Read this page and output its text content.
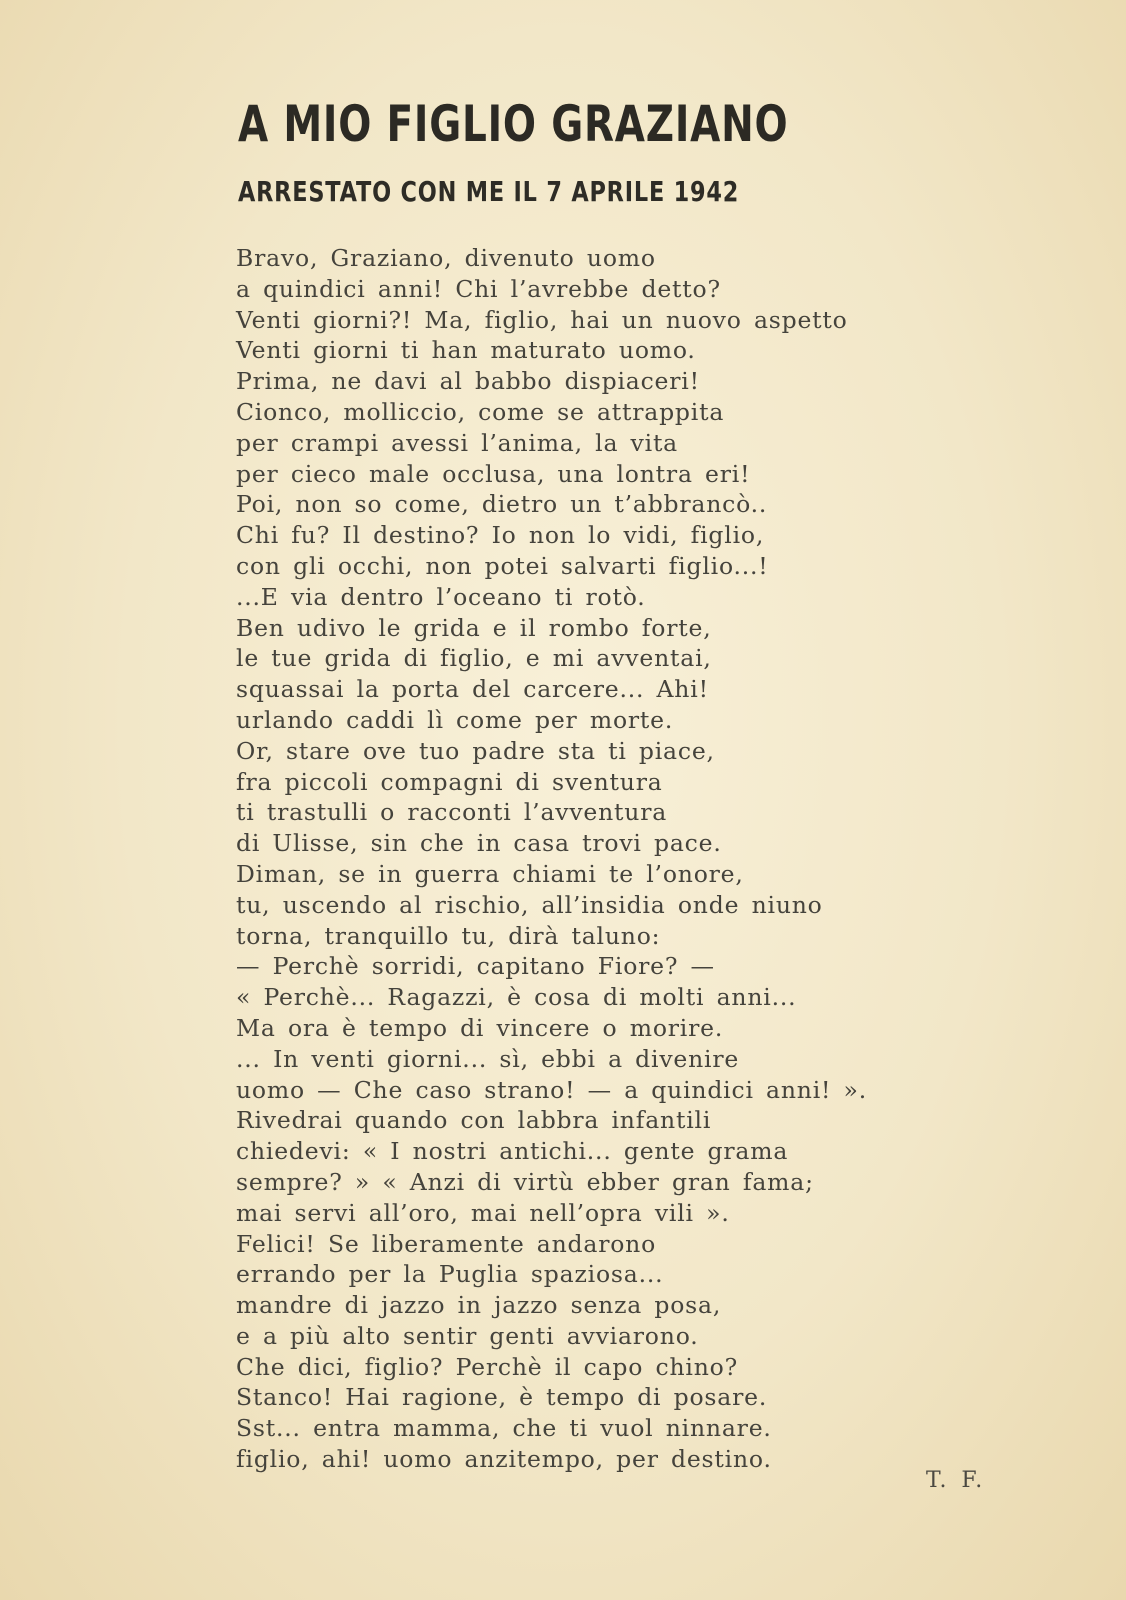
A MIO FIGLIO GRAZIANO
ARRESTATO CON ME IL 7 APRILE 1942
Bravo, Graziano, divenuto uomo
a quindici anni! Chi l’avrebbe detto?
Venti giorni?! Ma, figlio, hai un nuovo aspetto
Venti giorni ti han maturato uomo.
Prima, ne davi al babbo dispiaceri!
Cionco, molliccio, come se attrappita
per crampi avessi l’anima, la vita
per cieco male occlusa, una lontra eri!
Poi, non so come, dietro un t’abbrancò..
Chi fu? Il destino? Io non lo vidi, figlio,
con gli occhi, non potei salvarti figlio...!
...E via dentro l’oceano ti rotò.
Ben udivo le grida e il rombo forte,
le tue grida di figlio, e mi avventai,
squassai la porta del carcere... Ahi!
urlando caddi lì come per morte.
Or, stare ove tuo padre sta ti piace,
fra piccoli compagni di sventura
ti trastulli o racconti l’avventura
di Ulisse, sin che in casa trovi pace.
Diman, se in guerra chiami te l’onore,
tu, uscendo al rischio, all’insidia onde niuno
torna, tranquillo tu, dirà taluno:
— Perchè sorridi, capitano Fiore? —
« Perchè... Ragazzi, è cosa di molti anni...
Ma ora è tempo di vincere o morire.
... In venti giorni... sì, ebbi a divenire
uomo — Che caso strano! — a quindici anni! ».
Rivedrai quando con labbra infantili
chiedevi: « I nostri antichi... gente grama
sempre? » « Anzi di virtù ebber gran fama;
mai servi all’oro, mai nell’opra vili ».
Felici! Se liberamente andarono
errando per la Puglia spaziosa...
mandre di jazzo in jazzo senza posa,
e a più alto sentir genti avviarono.
Che dici, figlio? Perchè il capo chino?
Stanco! Hai ragione, è tempo di posare.
Sst... entra mamma, che ti vuol ninnare.
figlio, ahi! uomo anzitempo, per destino.

T. F.
